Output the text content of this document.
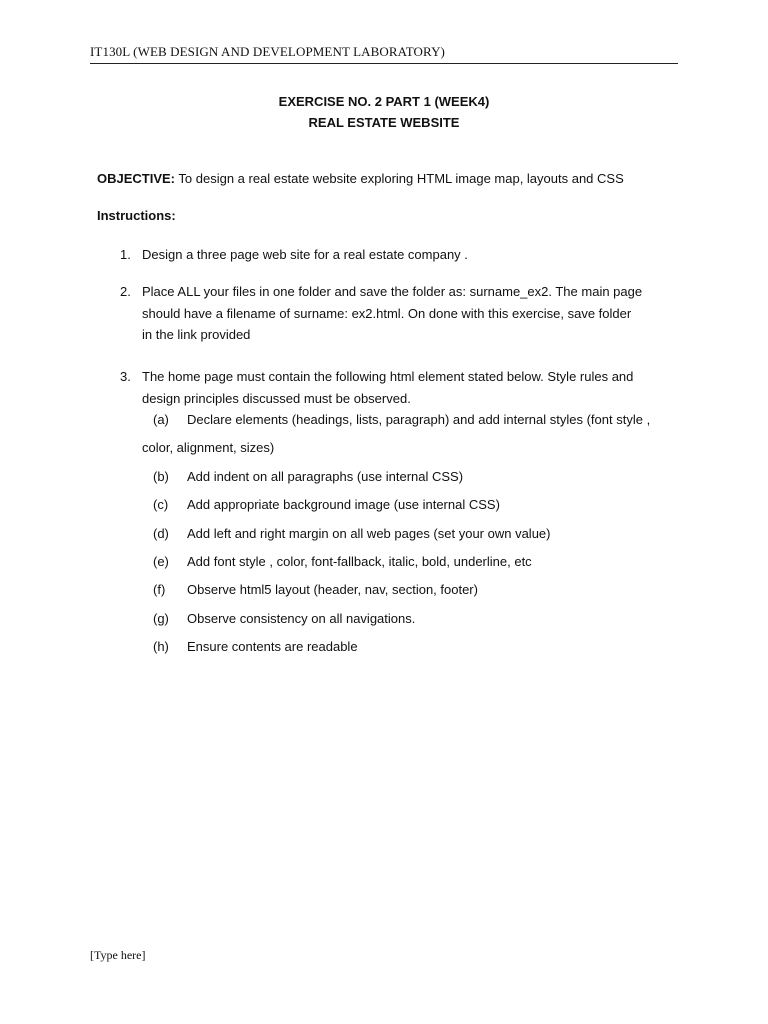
IT130L (WEB DESIGN AND DEVELOPMENT LABORATORY)
EXERCISE NO. 2 PART 1 (WEEK4)
REAL ESTATE WEBSITE
OBJECTIVE: To design a real estate website exploring HTML image map, layouts and CSS
Instructions:
1. Design a three page web site for a real estate company .
2. Place ALL your files in one folder and save the folder as: surname_ex2. The main page
should have a filename of surname: ex2.html. On done with this exercise, save folder
in the link provided
3. The home page must contain the following html element stated below. Style rules and
design principles discussed must be observed.
(a) Declare elements (headings, lists, paragraph) and add internal styles (font style ,
color, alignment, sizes)
(b) Add indent on all paragraphs (use internal CSS)
(c) Add appropriate background image (use internal CSS)
(d) Add left and right margin on all web pages (set your own value)
(e) Add font style , color, font-fallback, italic, bold, underline, etc
(f) Observe html5 layout (header, nav, section, footer)
(g) Observe consistency on all navigations.
(h) Ensure contents are readable
[Type here]
